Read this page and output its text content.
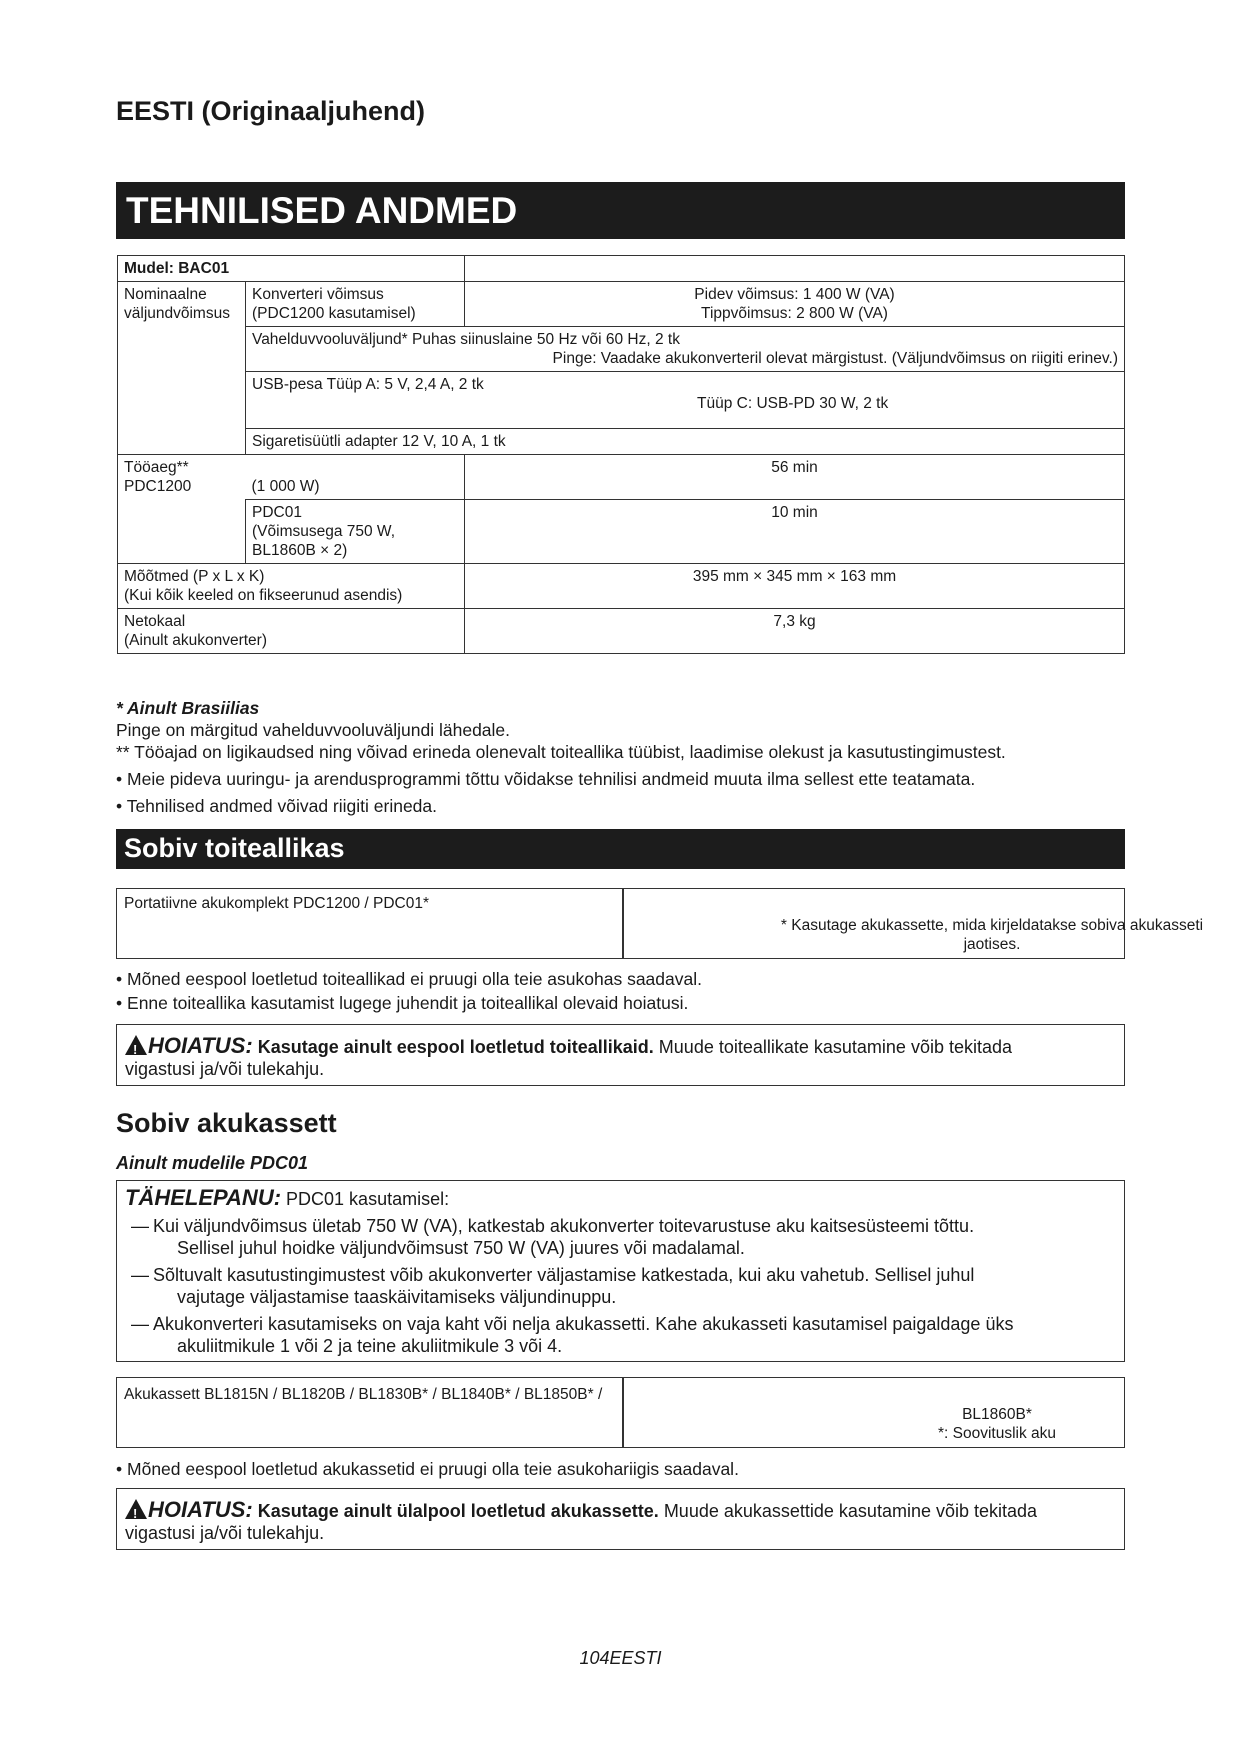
EESTI (Originaaljuhend)
TEHNILISED ANDMED
Mudel: BAC01		
Nominaalne
väljundvõimsus	Konverteri võimsus
(PDC1200 kasutamisel)	Pidev võimsus: 1 400 W (VA)
Tippvõimsus: 2 800 W (VA)

	Vahelduvvooluväljund* Puhas siinuslaine 50 Hz või 60 Hz, 2 tk
Pinge: Vaadake akukonverteril olevat märgistust. (Väljundvõimsus on riigiti erinev.)	

	USB-pesa Tüüp A: 5 V, 2,4 A, 2 tk
Tüüp C: USB-PD 30 W, 2 tk	

	Sigaretisüütli adapter 12 V, 10 A, 1 tk	
Tööaeg** PDC1200	(1 000 W)	56 min
	PDC01
(Võimsusega 750 W,
BL1860B × 2)	10 min
Mõõtmed (P x L x K)
(Kui kõik keeled on fikseerunud asendis)		395 mm × 345 mm × 163 mm
Netokaal
(Ainult akukonverter)		7,3 kg
* Ainult Brasiilias
Pinge on märgitud vahelduvvooluväljundi lähedale.
** Tööajad on ligikaudsed ning võivad erineda olenevalt toiteallika tüübist, laadimise olekust ja kasutustingimustest.
• Meie pideva uuringu- ja arendusprogrammi tõttu võidakse tehnilisi andmeid muuta ilma sellest ette teatamata.
• Tehnilised andmed võivad riigiti erineda.
Sobiv toiteallikas
Portatiivne akukomplekt PDC1200 / PDC01*
* Kasutage akukassette, mida kirjeldatakse sobiva akukasseti
jaotises.
• Mõned eespool loetletud toiteallikad ei pruugi olla teie asukohas saadaval.
• Enne toiteallika kasutamist lugege juhendit ja toiteallikal olevaid hoiatusi.
!HOIATUS: Kasutage ainult eespool loetletud toiteallikaid. Muude toiteallikate kasutamine võib tekitada
vigastusi ja/või tulekahju.
Sobiv akukassett
Ainult mudelile PDC01
TÄHELEPANU: PDC01 kasutamisel:
— Kui väljundvõimsus ületab 750 W (VA), katkestab akukonverter toitevarustuse aku kaitsesüsteemi tõttu.
Sellisel juhul hoidke väljundvõimsust 750 W (VA) juures või madalamal.
— Sõltuvalt kasutustingimustest võib akukonverter väljastamise katkestada, kui aku vahetub. Sellisel juhul
vajutage väljastamise taaskäivitamiseks väljundinuppu.
— Akukonverteri kasutamiseks on vaja kaht või nelja akukassetti. Kahe akukasseti kasutamisel paigaldage üks
akuliitmikule 1 või 2 ja teine akuliitmikule 3 või 4.
Akukassett BL1815N / BL1820B / BL1830B* / BL1840B* / BL1850B* /
BL1860B*
*: Soovituslik aku
• Mõned eespool loetletud akukassetid ei pruugi olla teie asukohariigis saadaval.
!HOIATUS: Kasutage ainult ülalpool loetletud akukassette. Muude akukassettide kasutamine võib tekitada
vigastusi ja/või tulekahju.
104EESTI
